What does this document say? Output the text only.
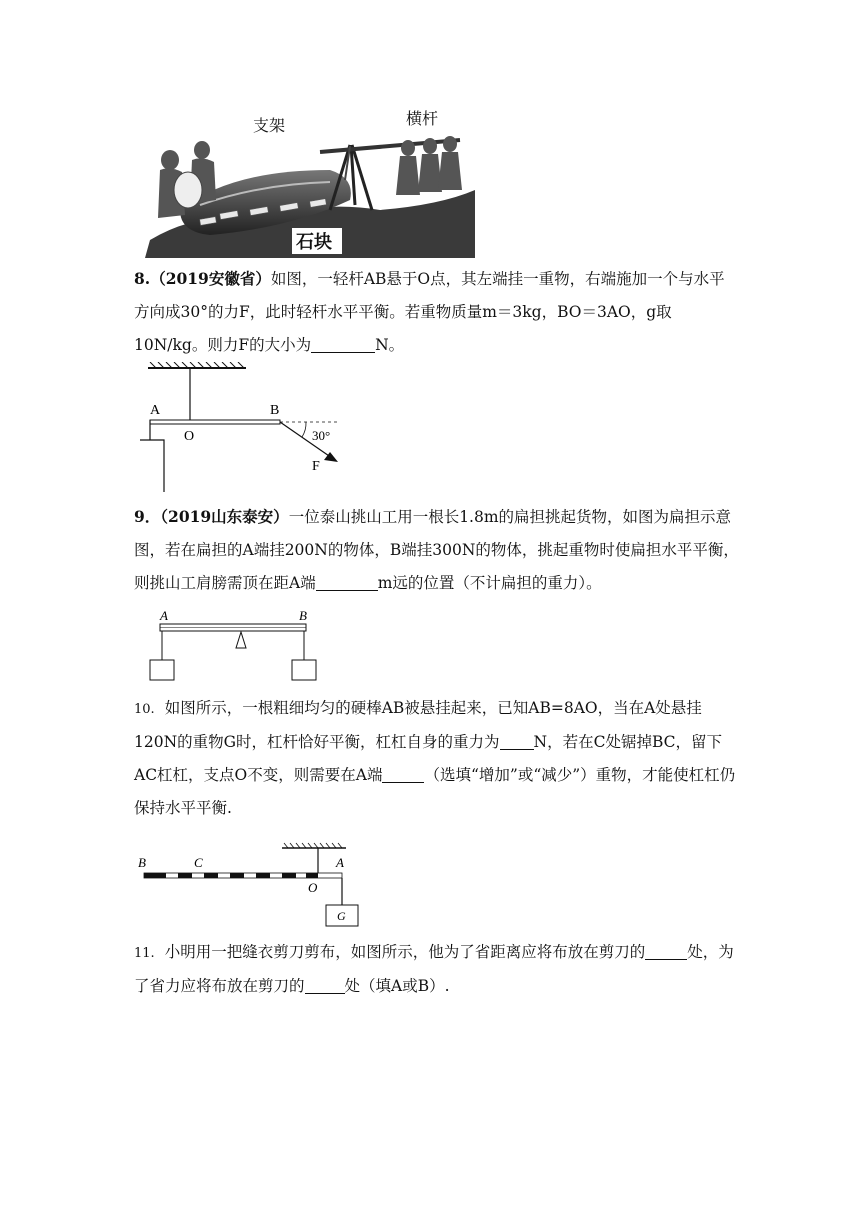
支架	横杆
石块
8.（2019安徽省）如图，一轻杆AB悬于O点，其左端挂一重物，右端施加一个与水平方向成30°的力F，此时轻杆水平平衡。若重物质量m＝3kg，BO＝3AO，g取10N/kg。则力F的大小为	N。
A
O
B
30°
F
9．（2019山东泰安）一位泰山挑山工用一根长1.8m的扁担挑起货物，如图为扁担示意图，若在扁担的A端挂200N的物体，B端挂300N的物体，挑起重物时使扁担水平平衡，则挑山工肩膀需顶在距A端	m远的位置（不计扁担的重力）。
A	B
10. 如图所示，一根粗细均匀的硬棒AB被悬挂起来，已知AB=8AO，当在A处悬挂120N的重物G时，杠杆恰好平衡，杠杠自身的重力为 N，若在C处锯掉BC，留下AC杠杠，支点O不变，则需要在A端	（选填“增加”或“减少”）重物，才能使杠杠仍保持水平平衡.
B	C
O
A
G
11. 小明用一把缝衣剪刀剪布，如图所示，他为了省距离应将布放在剪刀的	处，为了省力应将布放在剪刀的	处（填A或B）.
